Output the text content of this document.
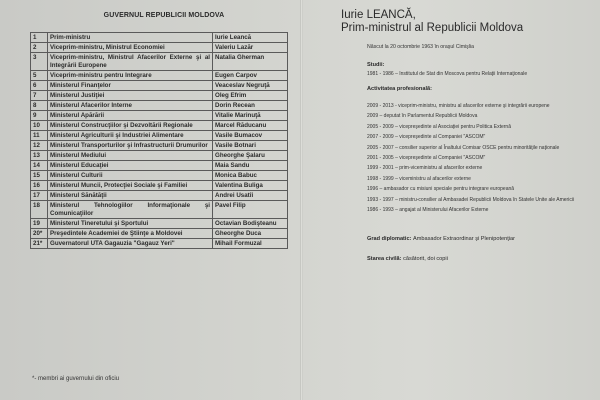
GUVERNUL REPUBLICII MOLDOVA
1	Prim-ministru	Iurie Leancă
2	Viceprim-ministru, Ministrul Economiei	Valeriu Lazăr
3	Viceprim-ministru, Ministrul Afacerilor Externe şi al Integrării Europene	Natalia Gherman
5	Viceprim-ministru pentru Integrare	Eugen Carpov
6	Ministerul Finanţelor	Veaceslav Negruţă
7	Ministerul Justiţiei	Oleg Efrim
8	Ministerul Afacerilor Interne	Dorin Recean
9	Ministerul Apărării	Vitalie Marinuţă
10	Ministerul Construcţiilor şi Dezvoltării Regionale	Marcel Răducanu
11	Ministerul Agriculturii şi Industriei Alimentare	Vasile Bumacov
12	Ministerul Transporturilor şi Infrastructurii Drumurilor	Vasile Botnari
13	Ministerul Mediului	Gheorghe Şalaru
14	Ministerul Educaţiei	Maia Sandu
15	Ministerul Culturii	Monica Babuc
16	Ministerul Muncii, Protecţiei Sociale şi Familiei	Valentina Buliga
17	Ministerul Sănătăţii	Andrei Usatîi
18	Ministerul Tehnologiilor Informaţionale şi Comunicaţiilor	Pavel Filip
19	Ministerul Tineretului şi Sportului	Octavian Bodişteanu
20*	Preşedintele Academiei de Ştiinţe a Moldovei	Gheorghe Duca
21*	Guvernatorul UTA Gagauzia "Gagauz Yeri"	Mihail Formuzal
*- membri ai guvernului din oficiu
Iurie LEANCĂ,
Prim-ministrul al Republicii Moldova
Născut la 20 octombrie 1963 în oraşul Cimişlia
Studii:
1981 - 1986 – Institutul de Stat din Moscova pentru Relaţii Internaţionale
Activitatea profesională:
2009 - 2013 - viceprim-ministru, ministru al afacerilor externe şi integrării europene
2009 – deputat în Parlamentul Republicii Moldova
2005 - 2009 – vicepreşedinte al Asociaţiei pentru Politica Externă
2007 - 2009 – vicepreşedinte al Companiei "ASCOM"
2005 - 2007 – consilier superior al Înaltului Comisar OSCE pentru minorităţile naţionale
2001 - 2005 – vicepreşedinte al Companiei "ASCOM"
1999 - 2001 – prim-viceministru al afacerilor externe
1998 - 1999 – viceministru al afacerilor externe
1996 – ambasador cu misiuni speciale pentru integrare europeană
1993 - 1997 – ministru-consilier al Ambasadei Republicii Moldova în Statele Unite ale Americii
1986 - 1993 – angajat al Ministerului Afacerilor Externe
Grad diplomatic: Ambasador Extraordinar şi Plenipotenţiar
Starea civilă: căsătorit, doi copii
